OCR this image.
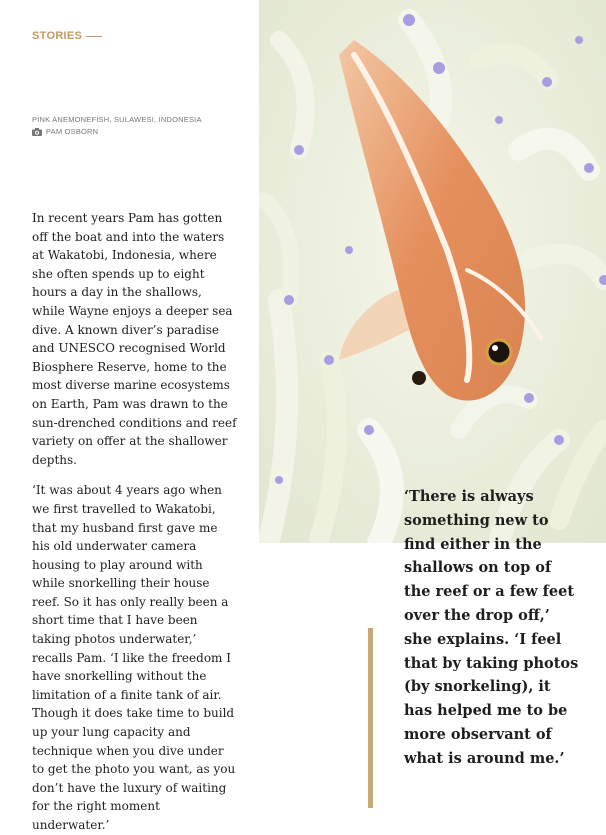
STORIES
PINK ANEMONEFISH, SULAWESI, INDONESIA
PAM OSBORN

In recent years Pam has gotten off the boat and into the waters at Wakatobi, Indonesia, where she often spends up to eight hours a day in the shallows, while Wayne enjoys a deeper sea dive. A known diver’s paradise and UNESCO recognised World Biosphere Reserve, home to the most diverse marine ecosystems on Earth, Pam was drawn to the sun-drenched conditions and reef variety on offer at the shallower depths.

‘It was about 4 years ago when we first travelled to Wakatobi, that my husband first gave me his old underwater camera housing to play around with while snorkelling their house reef. So it has only really been a short time that I have been taking photos underwater,’ recalls Pam. ‘I like the freedom I have snorkelling without the limitation of a finite tank of air. Though it does take time to build up your lung capacity and technique when you dive under to get the photo you want, as you don’t have the luxury of waiting for the right moment underwater.’

‘There is always something new to find either in the shallows on top of the reef or a few feet over the drop off,’ she explains. ‘I feel that by taking photos (by snorkeling), it has helped me to be more observant of what is around me.’
